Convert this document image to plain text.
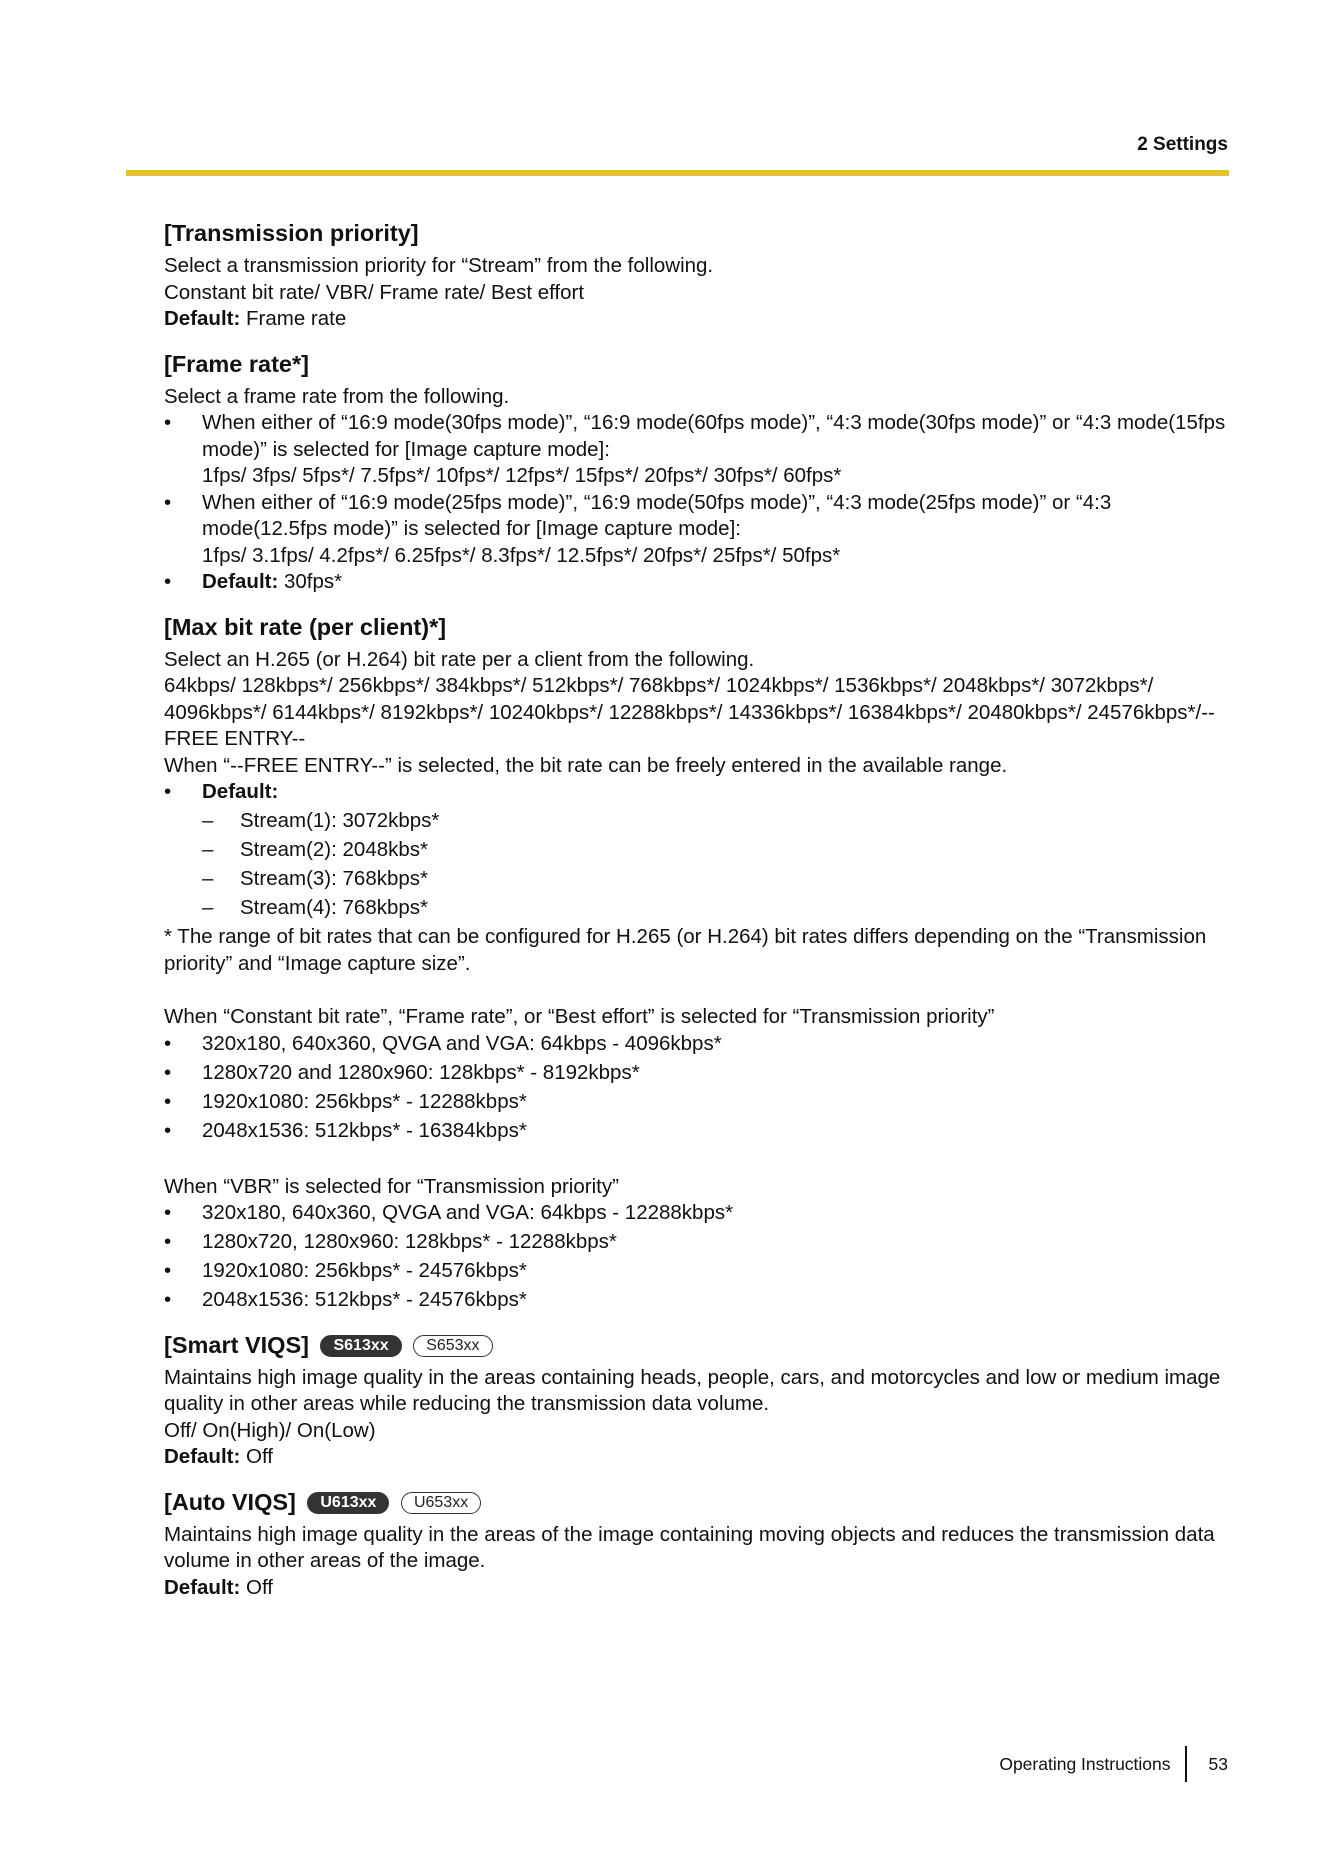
2 Settings
[Transmission priority]
Select a transmission priority for “Stream” from the following.
Constant bit rate/ VBR/ Frame rate/ Best effort
Default: Frame rate
[Frame rate*]
Select a frame rate from the following.
• When either of “16:9 mode(30fps mode)”, “16:9 mode(60fps mode)”, “4:3 mode(30fps mode)” or “4:3 mode(15fps mode)” is selected for [Image capture mode]:
1fps/ 3fps/ 5fps*/ 7.5fps*/ 10fps*/ 12fps*/ 15fps*/ 20fps*/ 30fps*/ 60fps*
• When either of “16:9 mode(25fps mode)”, “16:9 mode(50fps mode)”, “4:3 mode(25fps mode)” or “4:3 mode(12.5fps mode)” is selected for [Image capture mode]:
1fps/ 3.1fps/ 4.2fps*/ 6.25fps*/ 8.3fps*/ 12.5fps*/ 20fps*/ 25fps*/ 50fps*
• Default: 30fps*
[Max bit rate (per client)*]
Select an H.265 (or H.264) bit rate per a client from the following.
64kbps/ 128kbps*/ 256kbps*/ 384kbps*/ 512kbps*/ 768kbps*/ 1024kbps*/ 1536kbps*/ 2048kbps*/ 3072kbps*/ 4096kbps*/ 6144kbps*/ 8192kbps*/ 10240kbps*/ 12288kbps*/ 14336kbps*/ 16384kbps*/ 20480kbps*/ 24576kbps*/--FREE ENTRY--
When “--FREE ENTRY--” is selected, the bit rate can be freely entered in the available range.
• Default:
– Stream(1): 3072kbps*
– Stream(2): 2048kbs*
– Stream(3): 768kbps*
– Stream(4): 768kbps*
* The range of bit rates that can be configured for H.265 (or H.264) bit rates differs depending on the “Transmission priority” and “Image capture size”.
When “Constant bit rate”, “Frame rate”, or “Best effort” is selected for “Transmission priority”
• 320x180, 640x360, QVGA and VGA: 64kbps - 4096kbps*
• 1280x720 and 1280x960: 128kbps* - 8192kbps*
• 1920x1080: 256kbps* - 12288kbps*
• 2048x1536: 512kbps* - 16384kbps*
When “VBR” is selected for “Transmission priority”
• 320x180, 640x360, QVGA and VGA: 64kbps - 12288kbps*
• 1280x720, 1280x960: 128kbps* - 12288kbps*
• 1920x1080: 256kbps* - 24576kbps*
• 2048x1536: 512kbps* - 24576kbps*
[Smart VIQS] S613xx S653xx
Maintains high image quality in the areas containing heads, people, cars, and motorcycles and low or medium image quality in other areas while reducing the transmission data volume.
Off/ On(High)/ On(Low)
Default: Off
[Auto VIQS] U613xx U653xx
Maintains high image quality in the areas of the image containing moving objects and reduces the transmission data volume in other areas of the image.
Default: Off
Operating Instructions 53
